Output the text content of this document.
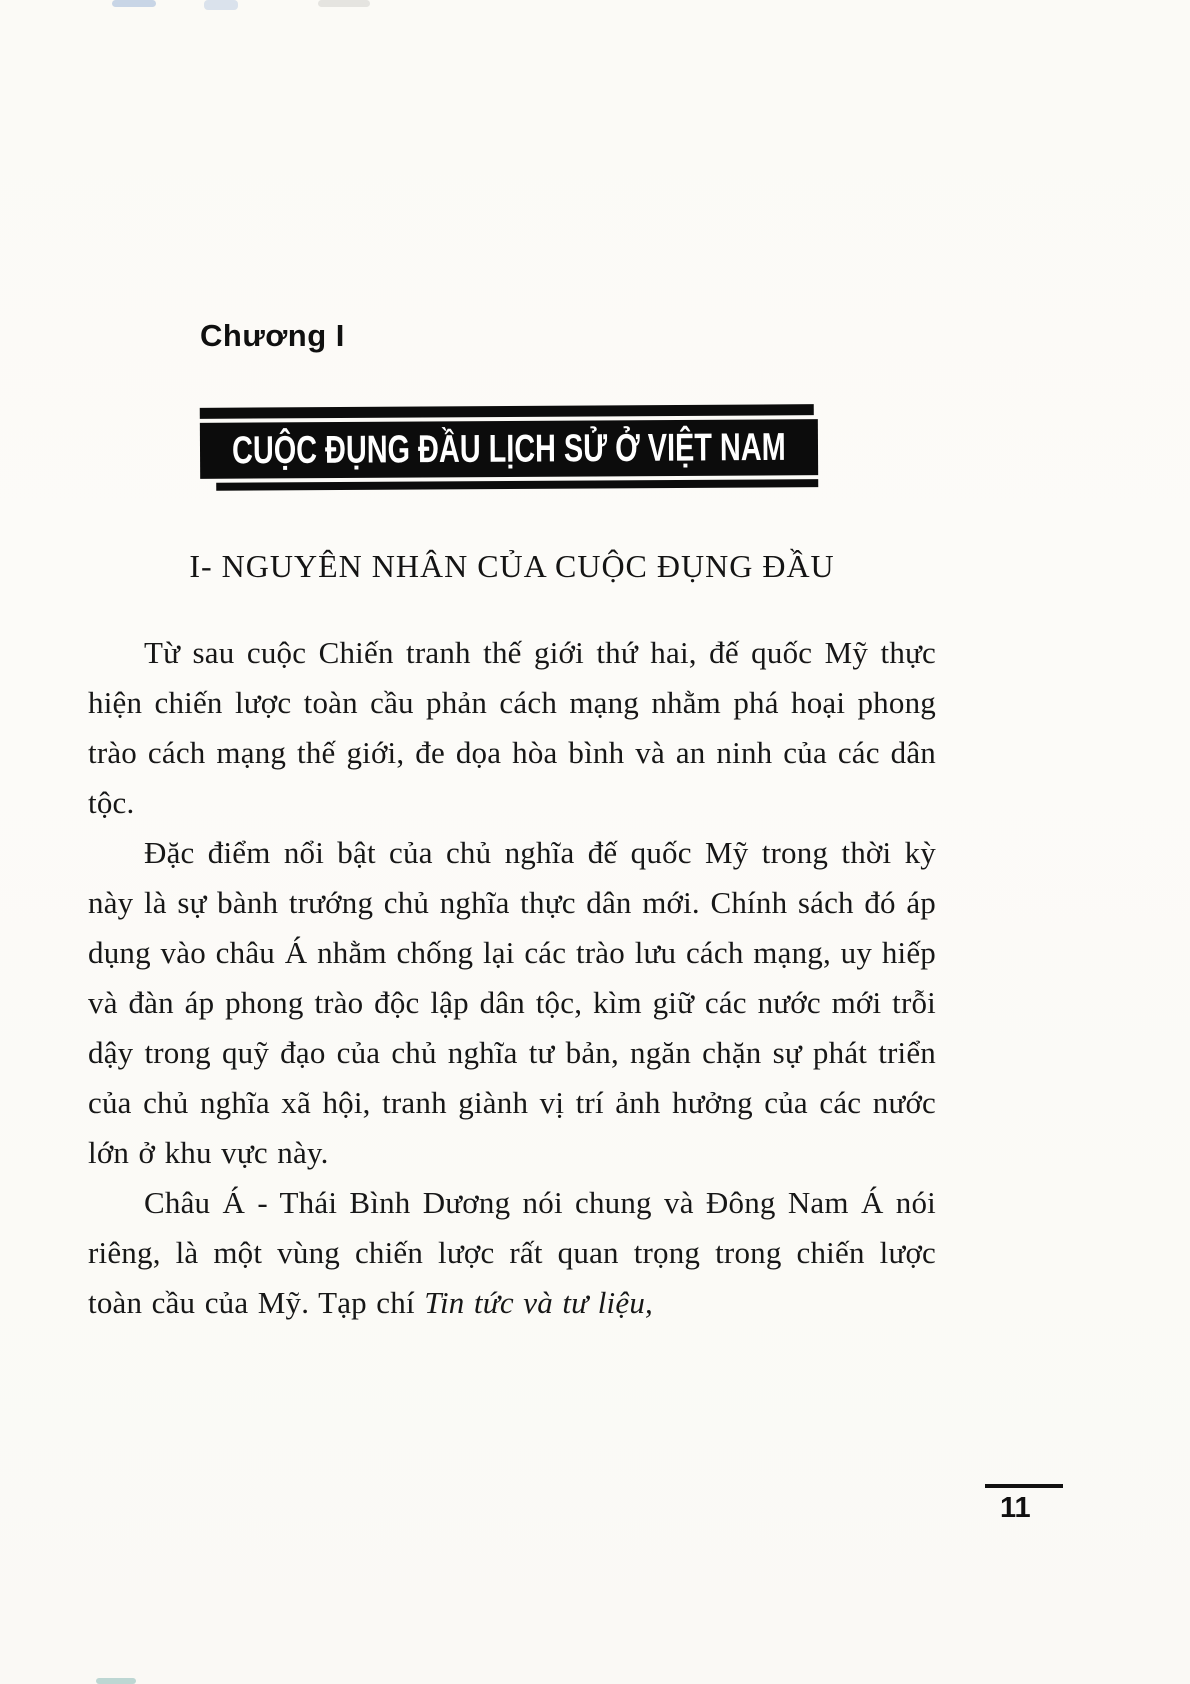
Chương I
CUỘC ĐỤNG ĐẦU LỊCH SỬ Ở VIỆT NAM
I- NGUYÊN NHÂN CỦA CUỘC ĐỤNG ĐẦU

Từ sau cuộc Chiến tranh thế giới thứ hai, đế quốc Mỹ thực hiện chiến lược toàn cầu phản cách mạng nhằm phá hoại phong trào cách mạng thế giới, đe dọa hòa bình và an ninh của các dân tộc.

Đặc điểm nổi bật của chủ nghĩa đế quốc Mỹ trong thời kỳ này là sự bành trướng chủ nghĩa thực dân mới. Chính sách đó áp dụng vào châu Á nhằm chống lại các trào lưu cách mạng, uy hiếp và đàn áp phong trào độc lập dân tộc, kìm giữ các nước mới trỗi dậy trong quỹ đạo của chủ nghĩa tư bản, ngăn chặn sự phát triển của chủ nghĩa xã hội, tranh giành vị trí ảnh hưởng của các nước lớn ở khu vực này.

Châu Á - Thái Bình Dương nói chung và Đông Nam Á nói riêng, là một vùng chiến lược rất quan trọng trong chiến lược toàn cầu của Mỹ. Tạp chí Tin tức và tư liệu,

11
